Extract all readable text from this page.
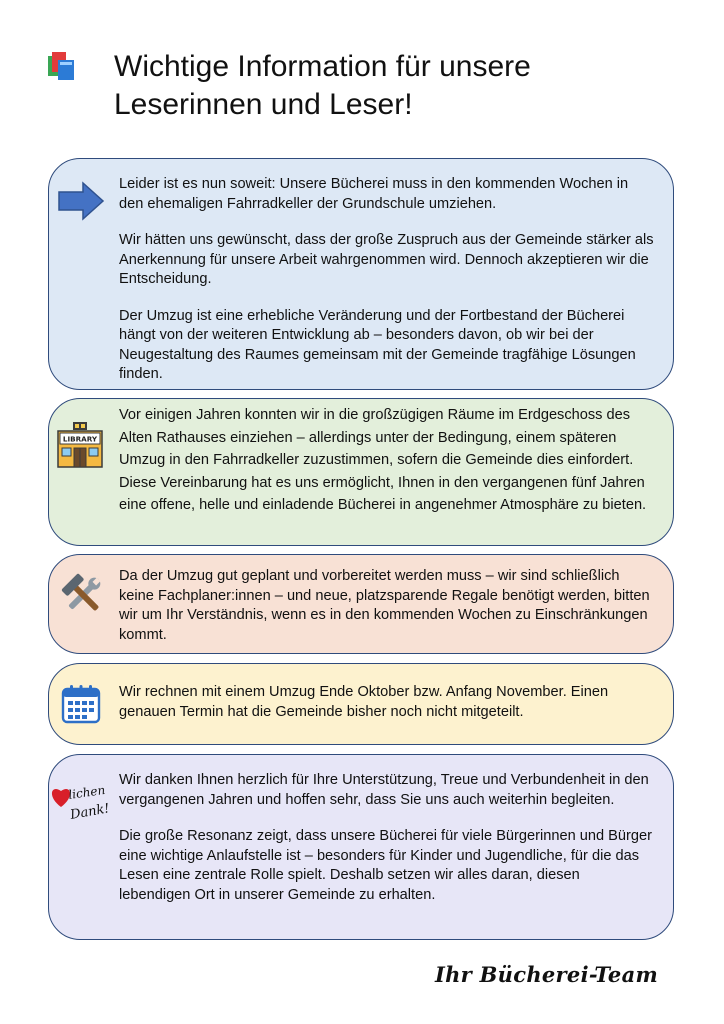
Wichtige Information für unsere
Leserinnen und Leser!

Leider ist es nun soweit: Unsere Bücherei muss in den kommenden Wochen in den ehemaligen Fahrradkeller der Grundschule umziehen.

Wir hätten uns gewünscht, dass der große Zuspruch aus der Gemeinde stärker als Anerkennung für unsere Arbeit wahrgenommen wird. Dennoch akzeptieren wir die Entscheidung.

Der Umzug ist eine erhebliche Veränderung und der Fortbestand der Bücherei hängt von der weiteren Entwicklung ab – besonders davon, ob wir bei der Neugestaltung des Raumes gemeinsam mit der Gemeinde tragfähige Lösungen finden.

LIBRARY

Vor einigen Jahren konnten wir in die großzügigen Räume im Erdgeschoss des Alten Rathauses einziehen – allerdings unter der Bedingung, einem späteren Umzug in den Fahrradkeller zuzustimmen, sofern die Gemeinde dies einfordert. Diese Vereinbarung hat es uns ermöglicht, Ihnen in den vergangenen fünf Jahren eine offene, helle und einladende Bücherei in angenehmer Atmosphäre zu bieten.

Da der Umzug gut geplant und vorbereitet werden muss – wir sind schließlich keine Fachplaner:innen – und neue, platzsparende Regale benötigt werden, bitten wir um Ihr Verständnis, wenn es in den kommenden Wochen zu Einschränkungen kommt.

Wir rechnen mit einem Umzug Ende Oktober bzw. Anfang November. Einen genauen Termin hat die Gemeinde bisher noch nicht mitgeteilt.

lichen
Dank!

Wir danken Ihnen herzlich für Ihre Unterstützung, Treue und Verbundenheit in den vergangenen Jahren und hoffen sehr, dass Sie uns auch weiterhin begleiten.

Die große Resonanz zeigt, dass unsere Bücherei für viele Bürgerinnen und Bürger eine wichtige Anlaufstelle ist – besonders für Kinder und Jugendliche, für die das Lesen eine zentrale Rolle spielt. Deshalb setzen wir alles daran, diesen lebendigen Ort in unserer Gemeinde zu erhalten.

Ihr Bücherei-Team
